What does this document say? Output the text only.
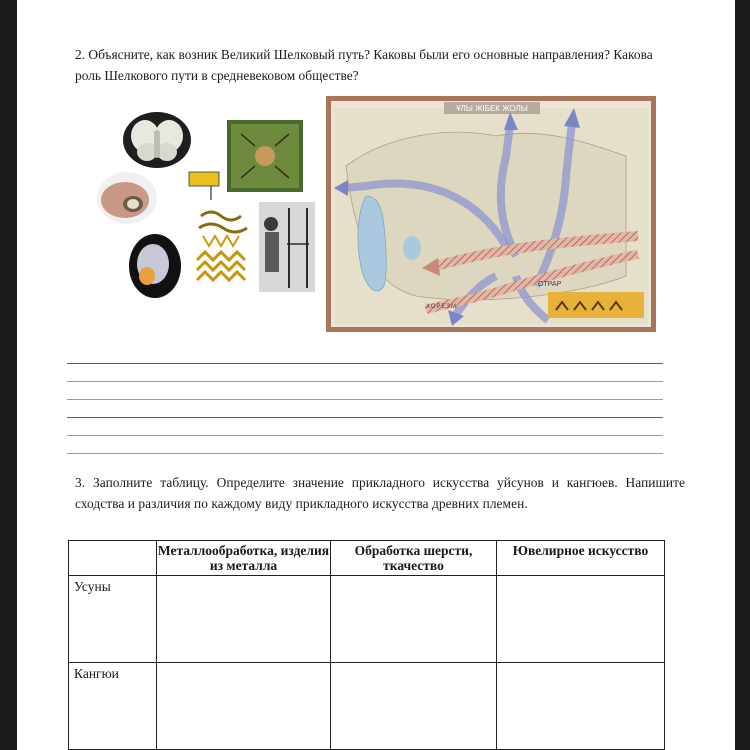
2. Объясните, как возник Великий Шелковый путь? Каковы были его основные направления? Какова роль Шелкового пути в средневековом обществе?
ҰЛЫ ЖІБЕК ЖОЛЫ
ОТРАР
ХОРЕЗМ
3. Заполните таблицу. Определите значение прикладного искусства уйсунов и кангюев. Напишите сходства и различия по каждому виду прикладного искусства древних племен.
	Металлообработка, изделия из металла	Обработка шерсти, ткачество	Ювелирное искусство
Усуны			
Кангюи			
